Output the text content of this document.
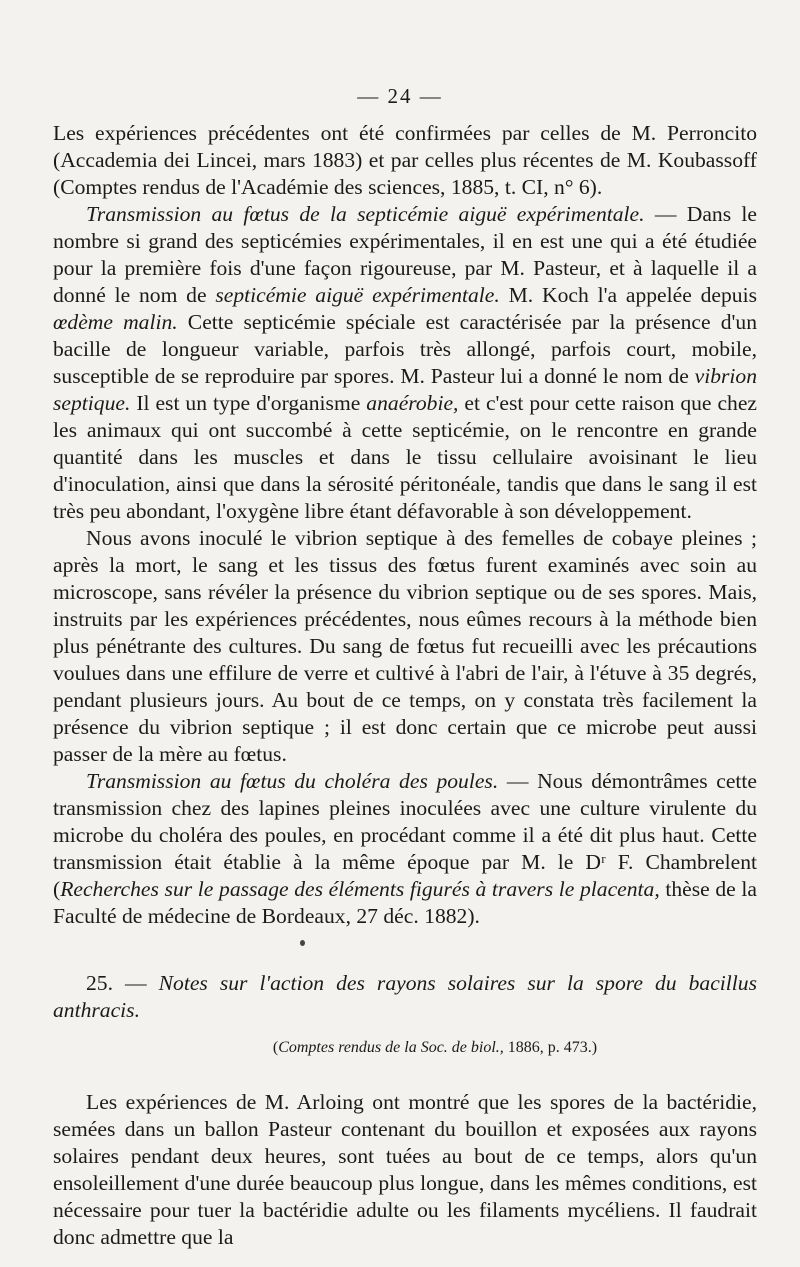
— 24 —

Les expériences précédentes ont été confirmées par celles de M. Perroncito (Accademia dei Lincei, mars 1883) et par celles plus récentes de M. Koubassoff (Comptes rendus de l'Académie des sciences, 1885, t. CI, n° 6).

Transmission au fœtus de la septicémie aiguë expérimentale. — Dans le nombre si grand des septicémies expérimentales, il en est une qui a été étudiée pour la première fois d'une façon rigoureuse, par M. Pasteur, et à laquelle il a donné le nom de septicémie aiguë expérimentale. M. Koch l'a appelée depuis œdème malin. Cette septicémie spéciale est caractérisée par la présence d'un bacille de longueur variable, parfois très allongé, parfois court, mobile, susceptible de se reproduire par spores. M. Pasteur lui a donné le nom de vibrion septique. Il est un type d'organisme anaérobie, et c'est pour cette raison que chez les animaux qui ont succombé à cette septicémie, on le rencontre en grande quantité dans les muscles et dans le tissu cellulaire avoisinant le lieu d'inoculation, ainsi que dans la sérosité péritonéale, tandis que dans le sang il est très peu abondant, l'oxygène libre étant défavorable à son développement.

Nous avons inoculé le vibrion septique à des femelles de cobaye pleines ; après la mort, le sang et les tissus des fœtus furent examinés avec soin au microscope, sans révéler la présence du vibrion septique ou de ses spores. Mais, instruits par les expériences précédentes, nous eûmes recours à la méthode bien plus pénétrante des cultures. Du sang de fœtus fut recueilli avec les précautions voulues dans une effilure de verre et cultivé à l'abri de l'air, à l'étuve à 35 degrés, pendant plusieurs jours. Au bout de ce temps, on y constata très facilement la présence du vibrion septique ; il est donc certain que ce microbe peut aussi passer de la mère au fœtus.

Transmission au fœtus du choléra des poules. — Nous démontrâmes cette transmission chez des lapines pleines inoculées avec une culture virulente du microbe du choléra des poules, en procédant comme il a été dit plus haut. Cette transmission était établie à la même époque par M. le Dʳ F. Chambrelent (Recherches sur le passage des éléments figurés à travers le placenta, thèse de la Faculté de médecine de Bordeaux, 27 déc. 1882).

25. — Notes sur l'action des rayons solaires sur la spore du bacillus anthracis.
(Comptes rendus de la Soc. de biol., 1886, p. 473.)

Les expériences de M. Arloing ont montré que les spores de la bactéridie, semées dans un ballon Pasteur contenant du bouillon et exposées aux rayons solaires pendant deux heures, sont tuées au bout de ce temps, alors qu'un ensoleillement d'une durée beaucoup plus longue, dans les mêmes conditions, est nécessaire pour tuer la bactéridie adulte ou les filaments mycéliens. Il faudrait donc admettre que la
